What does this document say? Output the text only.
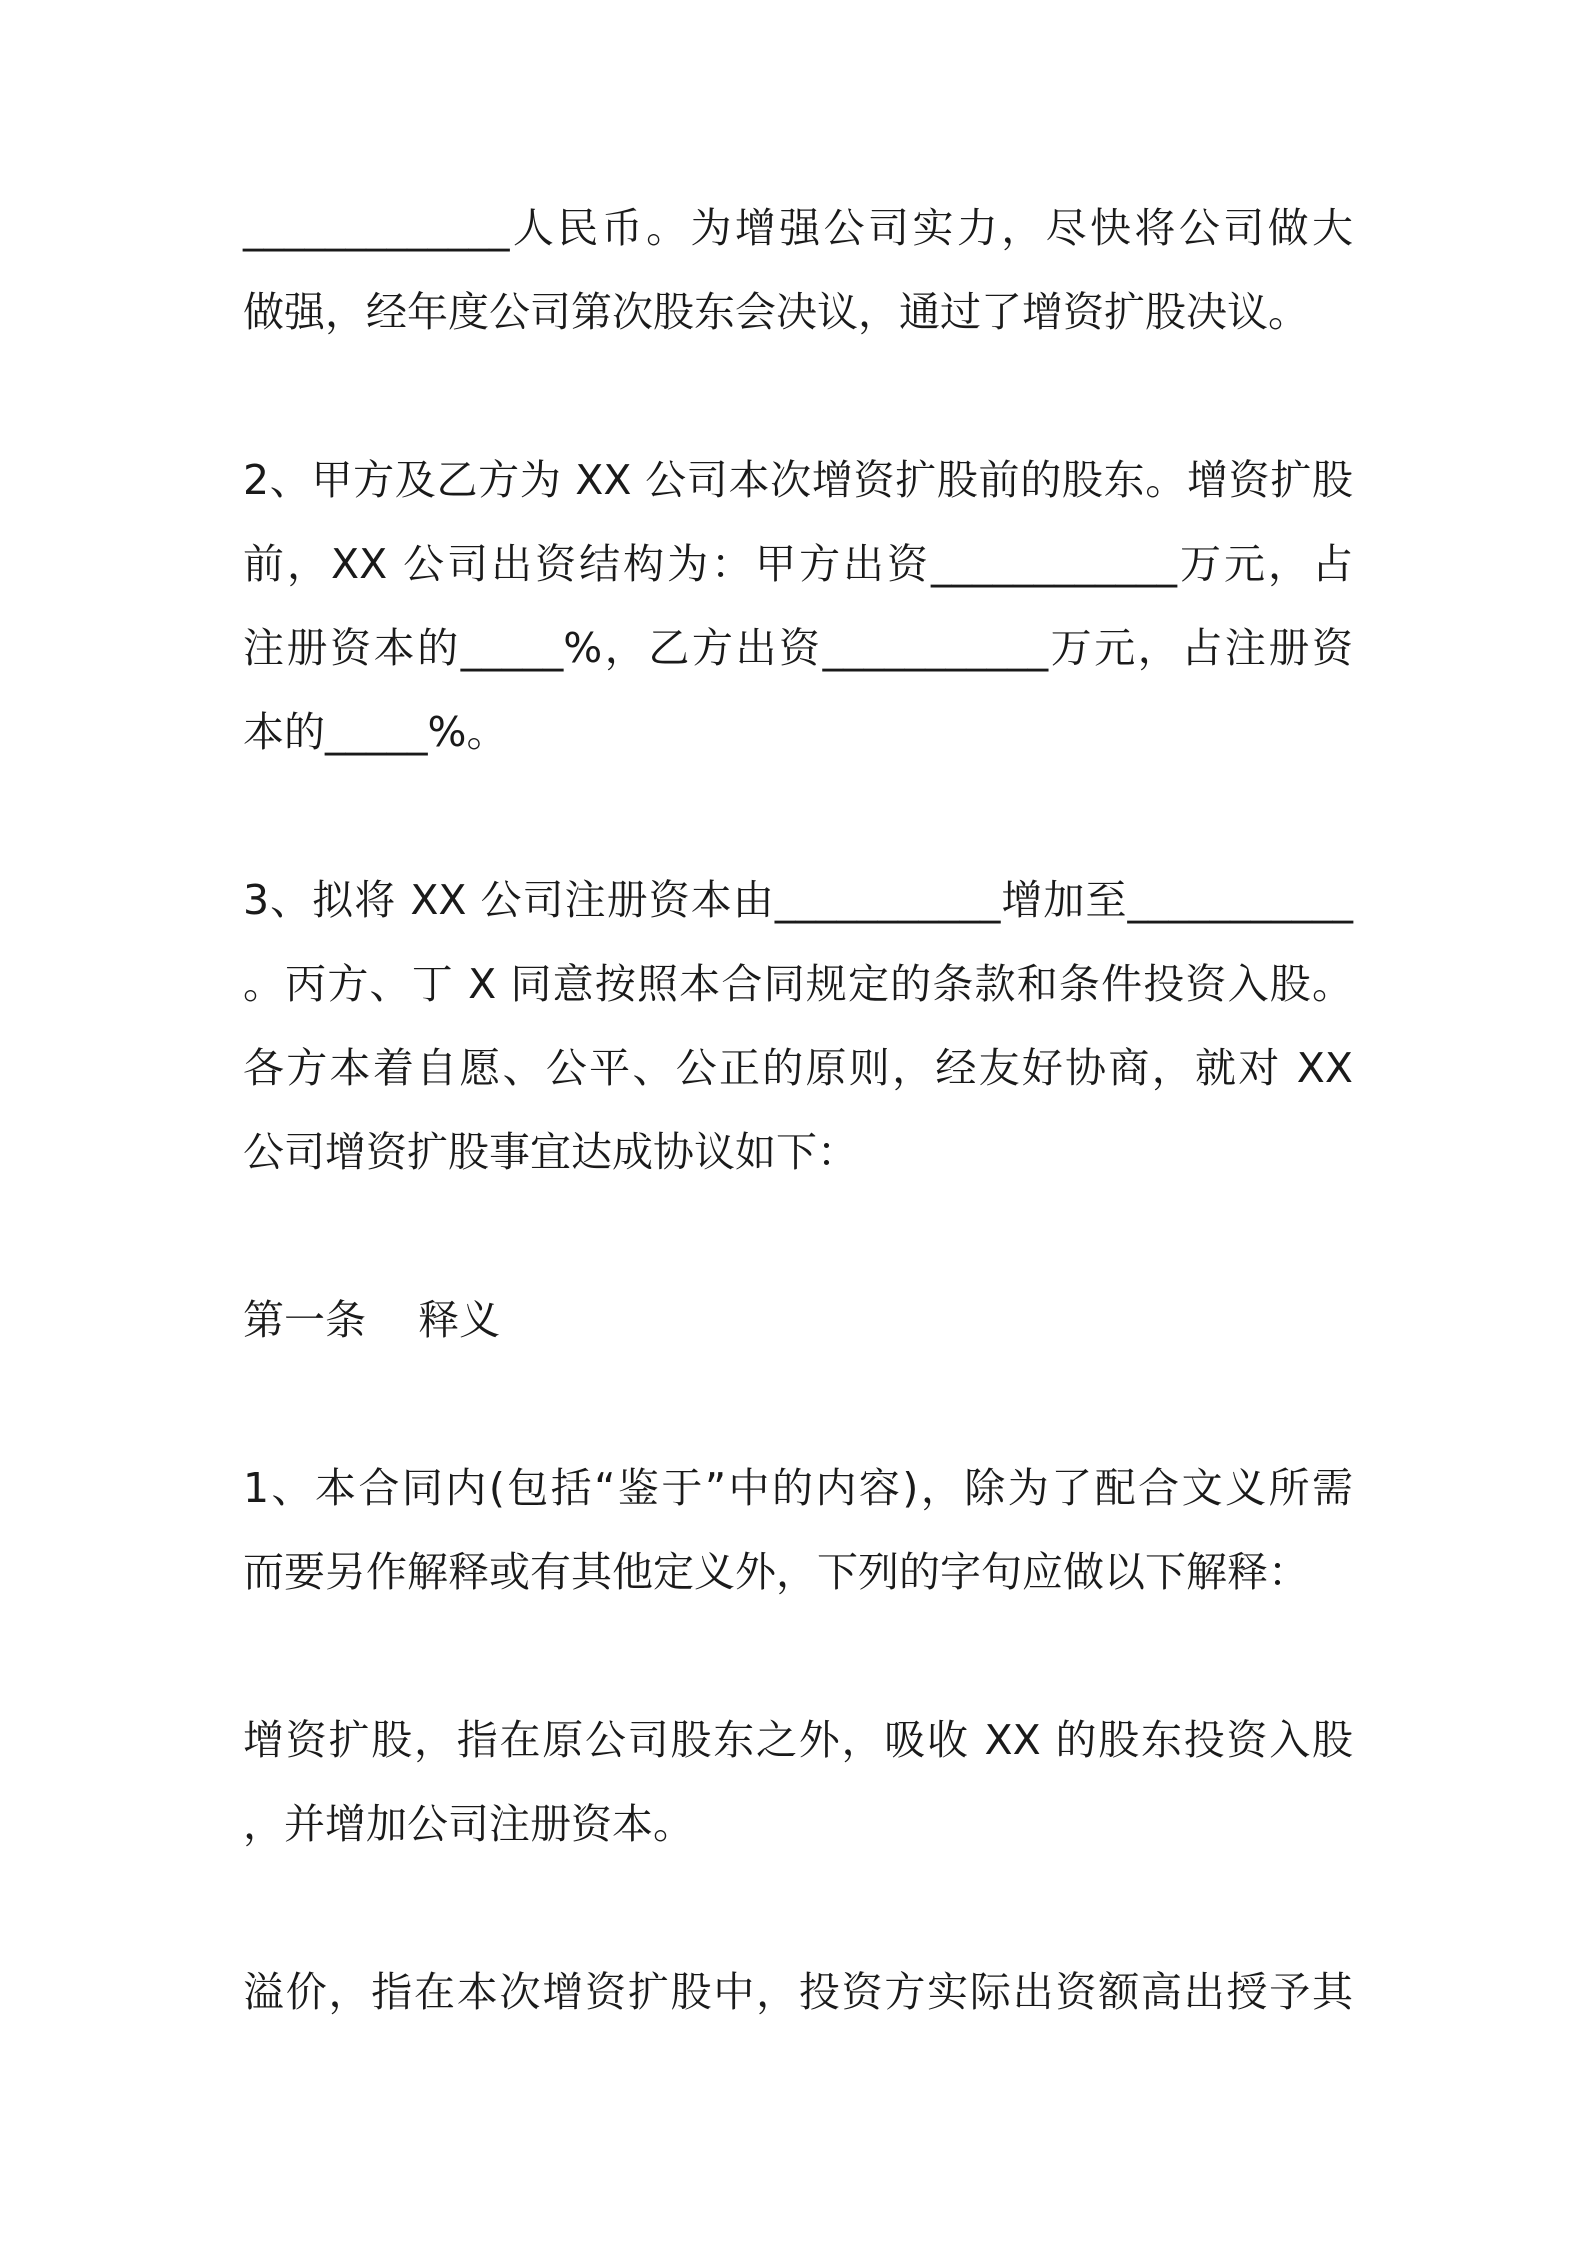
_____________人民币。为增强公司实力，尽快将公司做大
做强，经年度公司第次股东会决议，通过了增资扩股决议。
2、甲方及乙方为 XX 公司本次增资扩股前的股东。增资扩股
前，XX 公司出资结构为：甲方出资____________万元，占
注册资本的_____%，乙方出资___________万元，占注册资
本的_____%。
3、拟将 XX 公司注册资本由___________增加至___________
。丙方、丁 X 同意按照本合同规定的条款和条件投资入股。
各方本着自愿、公平、公正的原则，经友好协商，就对 XX
公司增资扩股事宜达成协议如下：
第一条    释义
1、本合同内(包括“鉴于”中的内容)，除为了配合文义所需
而要另作解释或有其他定义外，下列的字句应做以下解释：
增资扩股，指在原公司股东之外，吸收 XX 的股东投资入股
，并增加公司注册资本。
溢价，指在本次增资扩股中，投资方实际出资额高出授予其
